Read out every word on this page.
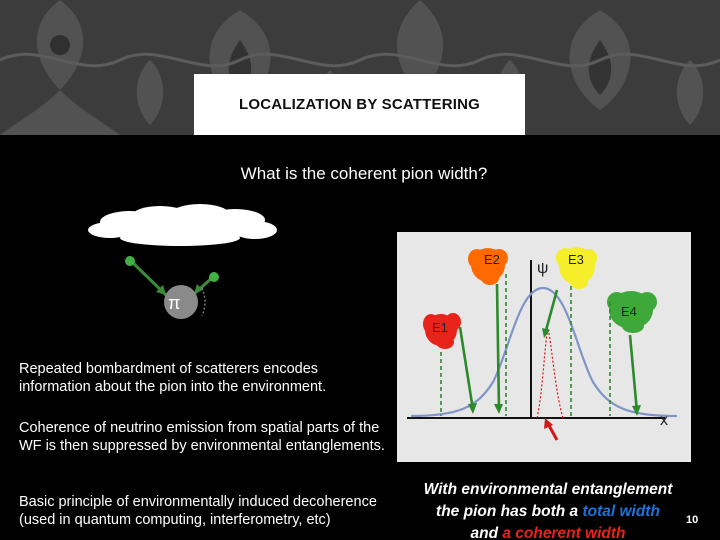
LOCALIZATION BY SCATTERING
What is the coherent pion width?
E0
π
Repeated bombardment of scatterers encodes information about the pion into the environment.
Coherence of neutrino emission from spatial parts of the WF is then suppressed by environmental entanglements.
Basic principle of environmentally induced decoherence (used in quantum computing, interferometry, etc)
E2	E3
E4
E1
ψ
x
With environmental entanglement
the pion has both a total width
and a coherent width
10
